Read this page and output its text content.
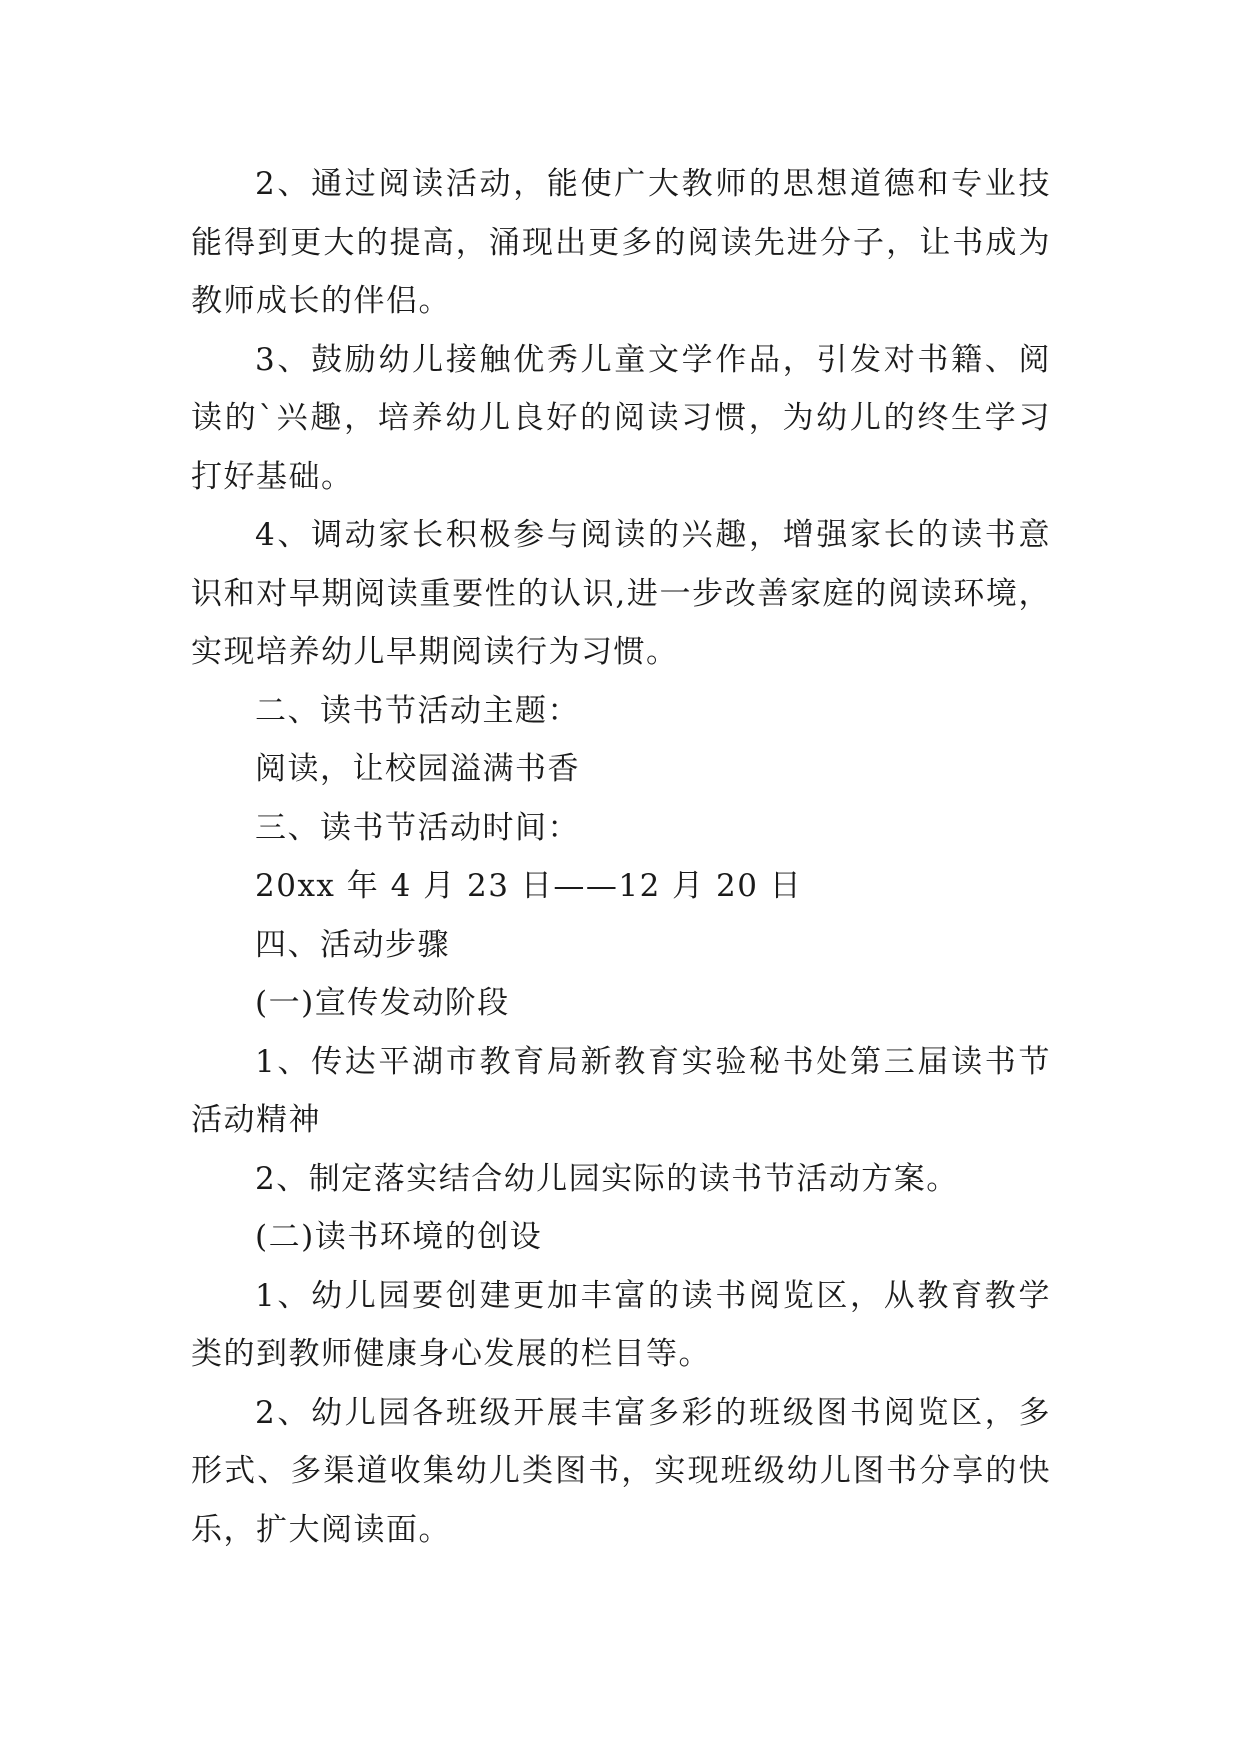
2、通过阅读活动，能使广大教师的思想道德和专业技能得到更大的提高，涌现出更多的阅读先进分子，让书成为教师成长的伴侣。

3、鼓励幼儿接触优秀儿童文学作品，引发对书籍、阅读的`兴趣，培养幼儿良好的阅读习惯，为幼儿的终生学习打好基础。

4、调动家长积极参与阅读的兴趣，增强家长的读书意识和对早期阅读重要性的认识,进一步改善家庭的阅读环境，实现培养幼儿早期阅读行为习惯。

二、读书节活动主题：

阅读，让校园溢满书香

三、读书节活动时间：

20xx 年 4 月 23 日——12 月 20 日

四、活动步骤

(一)宣传发动阶段

1、传达平湖市教育局新教育实验秘书处第三届读书节活动精神

2、制定落实结合幼儿园实际的读书节活动方案。

(二)读书环境的创设

1、幼儿园要创建更加丰富的读书阅览区，从教育教学类的到教师健康身心发展的栏目等。

2、幼儿园各班级开展丰富多彩的班级图书阅览区，多形式、多渠道收集幼儿类图书，实现班级幼儿图书分享的快乐，扩大阅读面。
